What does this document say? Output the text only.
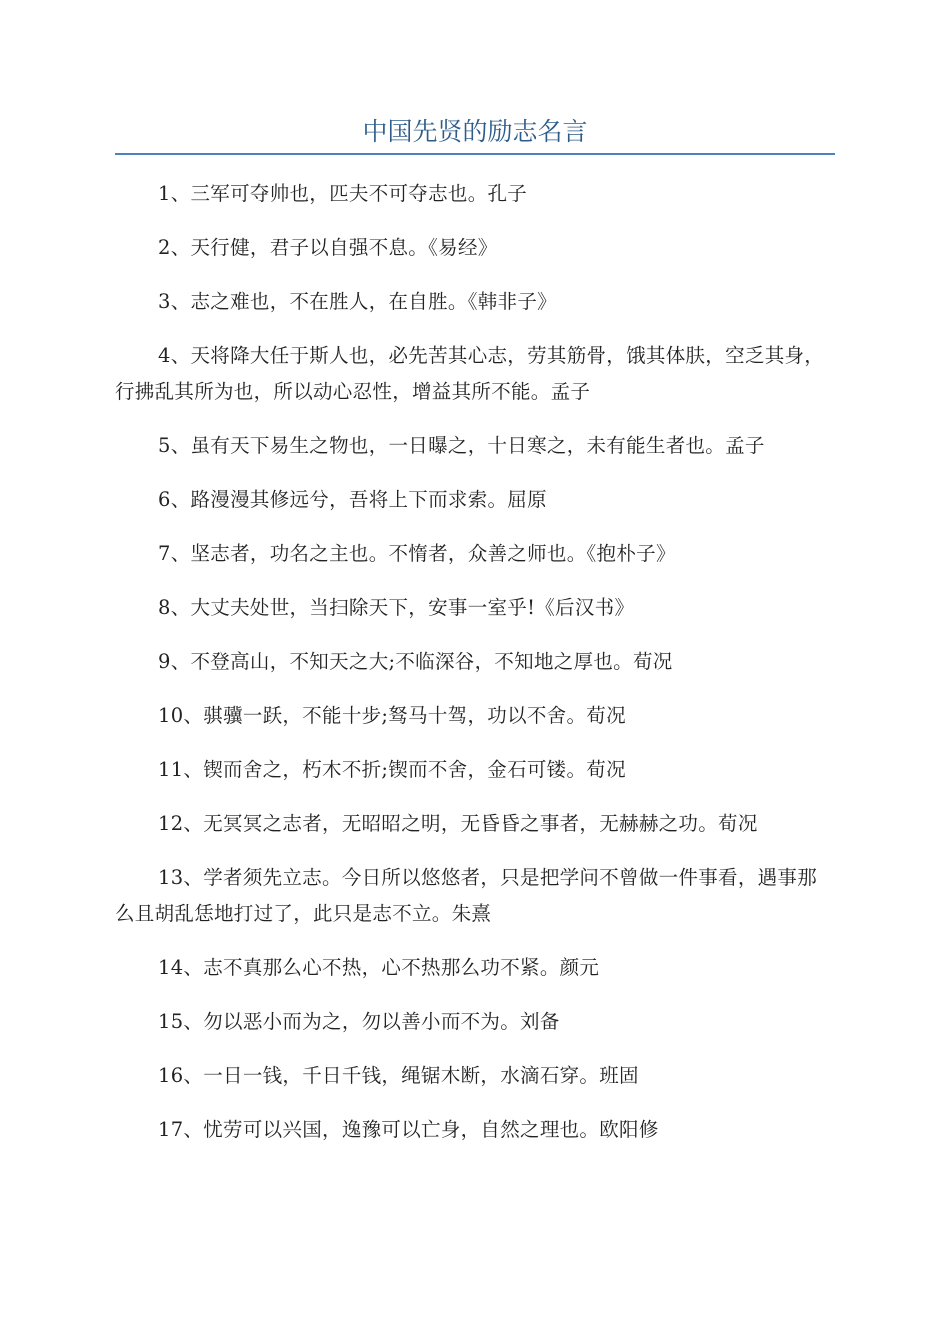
中国先贤的励志名言

1、三军可夺帅也，匹夫不可夺志也。孔子

2、天行健，君子以自强不息。《易经》

3、志之难也，不在胜人，在自胜。《韩非子》

4、天将降大任于斯人也，必先苦其心志，劳其筋骨，饿其体肤，空乏其身，行拂乱其所为也，所以动心忍性，增益其所不能。孟子

5、虽有天下易生之物也，一日曝之，十日寒之，未有能生者也。孟子

6、路漫漫其修远兮，吾将上下而求索。屈原

7、坚志者，功名之主也。不惰者，众善之师也。《抱朴子》

8、大丈夫处世，当扫除天下，安事一室乎!《后汉书》

9、不登高山，不知天之大;不临深谷，不知地之厚也。荀况

10、骐骥一跃，不能十步;驽马十驾，功以不舍。荀况

11、锲而舍之，朽木不折;锲而不舍，金石可镂。荀况

12、无冥冥之志者，无昭昭之明，无昏昏之事者，无赫赫之功。荀况

13、学者须先立志。今日所以悠悠者，只是把学问不曾做一件事看，遇事那么且胡乱恁地打过了，此只是志不立。朱熹

14、志不真那么心不热，心不热那么功不紧。颜元

15、勿以恶小而为之，勿以善小而不为。刘备

16、一日一钱，千日千钱，绳锯木断，水滴石穿。班固

17、忧劳可以兴国，逸豫可以亡身，自然之理也。欧阳修
